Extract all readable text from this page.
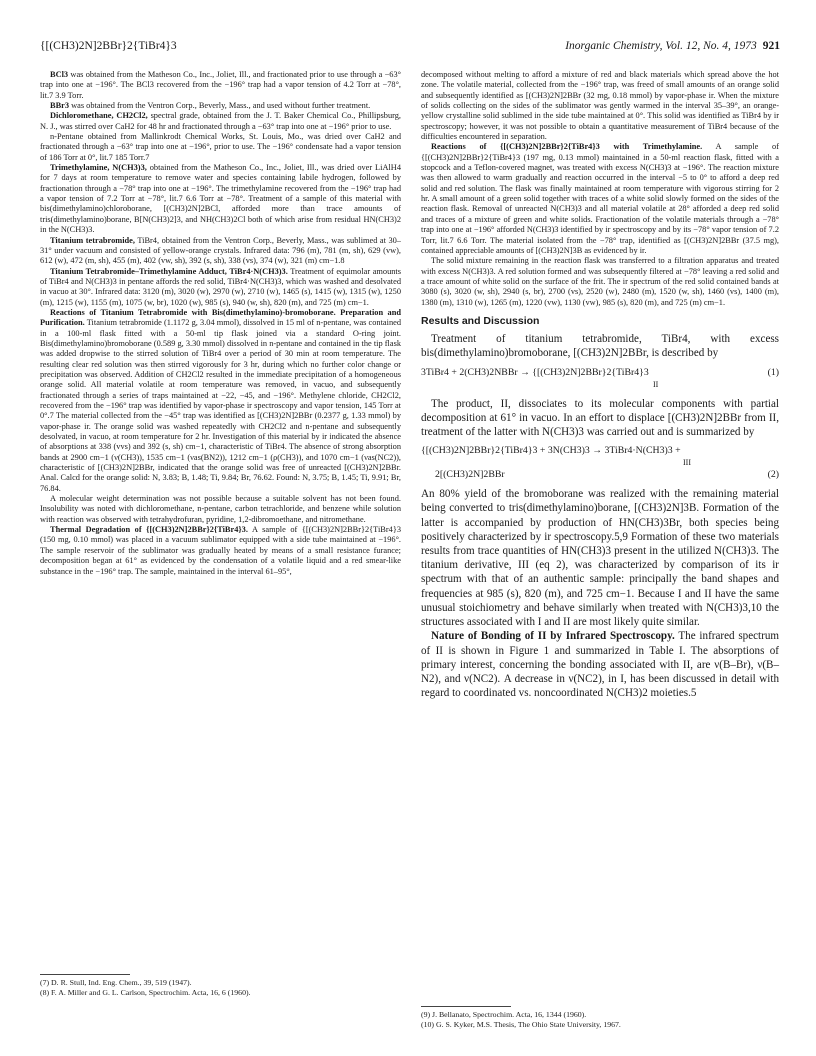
{[(CH3)2N]2BBr}2{TiBr4}3	Inorganic Chemistry, Vol. 12, No. 4, 1973 921

BCl3 was obtained from the Matheson Co., Inc., Joliet, Ill., and fractionated prior to use through a −63° trap into one at −196°. The BCl3 recovered from the −196° trap had a vapor tension of 4.2 Torr at −78°, lit.7 3.9 Torr.

BBr3 was obtained from the Ventron Corp., Beverly, Mass., and used without further treatment.

Dichloromethane, CH2Cl2, spectral grade, obtained from the J. T. Baker Chemical Co., Phillipsburg, N. J., was stirred over CaH2 for 48 hr and fractionated through a −63° trap into one at −196° prior to use.

n-Pentane obtained from Mallinkrodt Chemical Works, St. Louis, Mo., was dried over CaH2 and fractionated through a −63° trap into one at −196°, prior to use. The −196° condensate had a vapor tension of 186 Torr at 0°, lit.7 185 Torr.7

Trimethylamine, N(CH3)3, obtained from the Matheson Co., Inc., Joliet, Ill., was dried over LiAlH4 for 7 days at room temperature to remove water and species containing labile hydrogen, followed by fractionation through a −78° trap into one at −196°. The trimethylamine recovered from the −196° trap had a vapor tension of 7.2 Torr at −78°, lit.7 6.6 Torr at −78°. Treatment of a sample of this material with bis(dimethylamino)chloroborane, [(CH3)2N]2BCl, afforded more than trace amounts of tris(dimethylamino)borane, B[N(CH3)2]3, and NH(CH3)2Cl both of which arise from residual HN(CH3)2 in the N(CH3)3.

Titanium tetrabromide, TiBr4, obtained from the Ventron Corp., Beverly, Mass., was sublimed at 30–31° under vacuum and consisted of yellow-orange crystals. Infrared data: 796 (m), 781 (m, sh), 629 (vw), 612 (w), 472 (m, sh), 455 (m), 402 (vw, sh), 392 (s, sh), 338 (vs), 374 (w), 321 (m) cm−1.8

Titanium Tetrabromide–Trimethylamine Adduct, TiBr4·N(CH3)3. Treatment of equimolar amounts of TiBr4 and N(CH3)3 in pentane affords the red solid, TiBr4·N(CH3)3, which was washed and desolvated in vacuo at 30°. Infrared data: 3120 (m), 3020 (w), 2970 (w), 2710 (w), 1465 (s), 1415 (w), 1315 (w), 1250 (m), 1215 (w), 1155 (m), 1075 (w, br), 1020 (w), 985 (s), 940 (w, sh), 820 (m), and 725 (m) cm−1.

Reactions of Titanium Tetrabromide with Bis(dimethylamino)-bromoborane. Preparation and Purification. Titanium tetrabromide (1.1172 g, 3.04 mmol), dissolved in 15 ml of n-pentane, was contained in a 100-ml flask fitted with a 50-ml tip flask joined via a standard O-ring joint. Bis(dimethylamino)bromoborane (0.589 g, 3.30 mmol) dissolved in n-pentane and contained in the tip flask was added dropwise to the stirred solution of TiBr4 over a period of 30 min at room temperature. The resulting clear red solution was then stirred vigorously for 3 hr, during which no further color change or precipitation was observed. Addition of CH2Cl2 resulted in the immediate precipitation of a homogeneous orange solid. All material volatile at room temperature was removed, in vacuo, and subsequently fractionated through a series of traps maintained at −22, −45, and −196°. Methylene chloride, CH2Cl2, recovered from the −196° trap was identified by vapor-phase ir spectroscopy and vapor tension, 145 Torr at 0°.7 The material collected from the −45° trap was identified as [(CH3)2N]2BBr (0.2377 g, 1.33 mmol) by vapor-phase ir. The orange solid was washed repeatedly with CH2Cl2 and n-pentane and subsequently desolvated, in vacuo, at room temperature for 2 hr. Investigation of this material by ir indicated the absence of absorptions at 338 (vvs) and 392 (s, sh) cm−1, characteristic of TiBr4. The absence of strong absorption bands at 2900 cm−1 (ν(CH3)), 1535 cm−1 (νas(BN2)), 1212 cm−1 (ρ(CH3)), and 1070 cm−1 (νas(NC2)), characteristic of [(CH3)2N]2BBr, indicated that the orange solid was free of unreacted [(CH3)2N]2BBr. Anal. Calcd for the orange solid: N, 3.83; B, 1.48; Ti, 9.84; Br, 76.62. Found: N, 3.75; B, 1.45; Ti, 9.91; Br, 76.84.

A molecular weight determination was not possible because a suitable solvent has not been found. Insolubility was noted with dichloromethane, n-pentane, carbon tetrachloride, and benzene while solution with reaction was observed with tetrahydrofuran, pyridine, 1,2-dibromoethane, and nitromethane.

Thermal Degradation of {[(CH3)2N]2BBr}2{TiBr4}3. A sample of {[(CH3)2N]2BBr}2{TiBr4}3 (150 mg, 0.10 mmol) was placed in a vacuum sublimator equipped with a side tube maintained at −196°. The sample reservoir of the sublimator was gradually heated by means of a small resistance furance; decomposition began at 61° as evidenced by the condensation of a volatile liquid and a red smear-like substance in the −196° trap. The sample, maintained in the interval 61–95°,

decomposed without melting to afford a mixture of red and black materials which spread above the hot zone. The volatile material, collected from the −196° trap, was freed of small amounts of an orange solid and subsequently identified as [(CH3)2N]2BBr (32 mg, 0.18 mmol) by vapor-phase ir. When the mixture of solids collecting on the sides of the sublimator was gently warmed in the interval 35–39°, an orange-yellow crystalline solid sublimed in the side tube maintained at 0°. This solid was identified as TiBr4 by ir spectroscopy; however, it was not possible to obtain a quantitative measurement of TiBr4 because of the difficulties encountered in separation.

Reactions of {[(CH3)2N]2BBr}2{TiBr4}3 with Trimethylamine. A sample of {[(CH3)2N]2BBr}2{TiBr4}3 (197 mg, 0.13 mmol) maintained in a 50-ml reaction flask, fitted with a stopcock and a Teflon-covered magnet, was treated with excess N(CH3)3 at −196°. The reaction mixture was then allowed to warm gradually and reaction occurred in the interval −5 to 0° to afford a deep red solid and red solution. The flask was finally maintained at room temperature with vigorous stirring for 2 hr. A small amount of a green solid together with traces of a white solid slowly formed on the sides of the reaction flask. Removal of unreacted N(CH3)3 and all material volatile at 28° afforded a deep red solid and traces of a mixture of green and white solids. Fractionation of the volatile materials through a −78° trap into one at −196° afforded N(CH3)3 identified by ir spectroscopy and by its −78° vapor tension of 7.2 Torr, lit.7 6.6 Torr. The material isolated from the −78° trap, identified as [(CH3)2N]2BBr (37.5 mg), contained appreciable amounts of [(CH3)2N]3B as evidenced by ir.

The solid mixture remaining in the reaction flask was transferred to a filtration apparatus and treated with excess N(CH3)3. A red solution formed and was subsequently filtered at −78° leaving a red solid and a trace amount of white solid on the surface of the frit. The ir spectrum of the red solid contained bands at 3080 (s), 3020 (w, sh), 2940 (s, br), 2700 (vs), 2520 (w), 2480 (m), 1520 (w, sh), 1460 (vs), 1400 (m), 1380 (m), 1310 (w), 1265 (m), 1220 (vw), 1130 (vw), 985 (s), 820 (m), and 725 (m) cm−1.

Results and Discussion

Treatment of titanium tetrabromide, TiBr4, with excess bis(dimethylamino)bromoborane, [(CH3)2N]2BBr, is described by

3TiBr4 + 2(CH3)2NBBr → {[(CH3)2N]2BBr}2{TiBr4}3
II
(1)

The product, II, dissociates to its molecular components with partial decomposition at 61° in vacuo. In an effort to displace [(CH3)2N]2BBr from II, treatment of the latter with N(CH3)3 was carried out and is summarized by

{[(CH3)2N]2BBr}2{TiBr4}3 + 3N(CH3)3 → 3TiBr4·N(CH3)3 +
III
2[(CH3)2N]2BBr	(2)

An 80% yield of the bromoborane was realized with the remaining material being converted to tris(dimethylamino)borane, [(CH3)2N]3B. Formation of the latter is accompanied by production of HN(CH3)3Br, both species being positively characterized by ir spectroscopy.5,9 Formation of these two materials results from trace quantities of HN(CH3)3 present in the utilized N(CH3)3. The titanium derivative, III (eq 2), was characterized by comparison of its ir spectrum with that of an authentic sample: principally the band shapes and frequencies at 985 (s), 820 (m), and 725 cm−1. Because I and II have the same unusual stoichiometry and behave similarly when treated with N(CH3)3,10 the structures associated with I and II are most likely quite similar.

Nature of Bonding of II by Infrared Spectroscopy. The infrared spectrum of II is shown in Figure 1 and summarized in Table I. The absorptions of primary interest, concerning the bonding associated with II, are ν(B–Br), ν(B–N2), and ν(NC2). A decrease in ν(NC2), in I, has been discussed in detail with regard to coordinated vs. noncoordinated N(CH3)2 moieties.5

(7) D. R. Stull, Ind. Eng. Chem., 39, 519 (1947).

(8) F. A. Miller and G. L. Carlson, Spectrochim. Acta, 16, 6 (1960).

(9) J. Bellanato, Spectrochim. Acta, 16, 1344 (1960).

(10) G. S. Kyker, M.S. Thesis, The Ohio State University, 1967.
